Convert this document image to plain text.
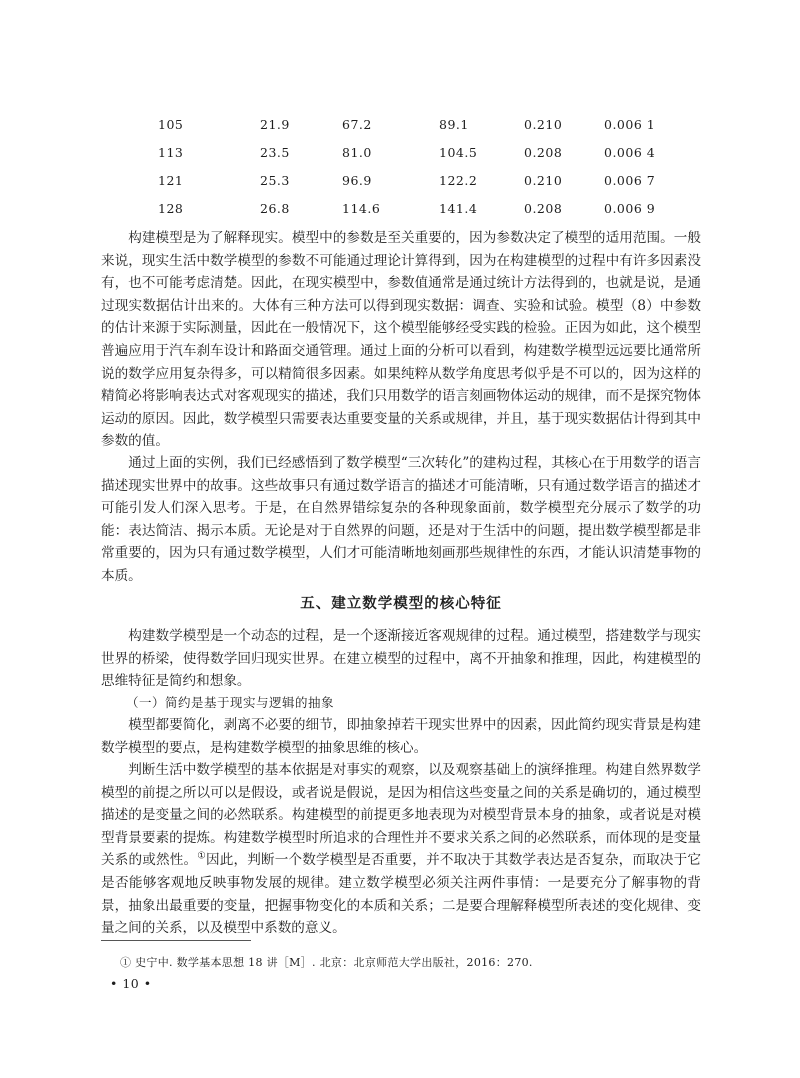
105	21.9	67.2	89.1	0.210	0.006 1
113	23.5	81.0	104.5	0.208	0.006 4
121	25.3	96.9	122.2	0.210	0.006 7
128	26.8	114.6	141.4	0.208	0.006 9

构建模型是为了解释现实。模型中的参数是至关重要的，因为参数决定了模型的适用范围。一般来说，现实生活中数学模型的参数不可能通过理论计算得到，因为在构建模型的过程中有许多因素没有，也不可能考虑清楚。因此，在现实模型中，参数值通常是通过统计方法得到的，也就是说，是通过现实数据估计出来的。大体有三种方法可以得到现实数据：调查、实验和试验。模型（8）中参数的估计来源于实际测量，因此在一般情况下，这个模型能够经受实践的检验。正因为如此，这个模型普遍应用于汽车刹车设计和路面交通管理。通过上面的分析可以看到，构建数学模型远远要比通常所说的数学应用复杂得多，可以精简很多因素。如果纯粹从数学角度思考似乎是不可以的，因为这样的精简必将影响表达式对客观现实的描述，我们只用数学的语言刻画物体运动的规律，而不是探究物体运动的原因。因此，数学模型只需要表达重要变量的关系或规律，并且，基于现实数据估计得到其中参数的值。

通过上面的实例，我们已经感悟到了数学模型“三次转化”的建构过程，其核心在于用数学的语言描述现实世界中的故事。这些故事只有通过数学语言的描述才可能清晰，只有通过数学语言的描述才可能引发人们深入思考。于是，在自然界错综复杂的各种现象面前，数学模型充分展示了数学的功能：表达简洁、揭示本质。无论是对于自然界的问题，还是对于生活中的问题，提出数学模型都是非常重要的，因为只有通过数学模型，人们才可能清晰地刻画那些规律性的东西，才能认识清楚事物的本质。

五、建立数学模型的核心特征

构建数学模型是一个动态的过程，是一个逐渐接近客观规律的过程。通过模型，搭建数学与现实世界的桥梁，使得数学回归现实世界。在建立模型的过程中，离不开抽象和推理，因此，构建模型的思维特征是简约和想象。

（一）简约是基于现实与逻辑的抽象

模型都要简化，剥离不必要的细节，即抽象掉若干现实世界中的因素，因此简约现实背景是构建数学模型的要点，是构建数学模型的抽象思维的核心。

判断生活中数学模型的基本依据是对事实的观察，以及观察基础上的演绎推理。构建自然界数学模型的前提之所以可以是假设，或者说是假说，是因为相信这些变量之间的关系是确切的，通过模型描述的是变量之间的必然联系。构建模型的前提更多地表现为对模型背景本身的抽象，或者说是对模型背景要素的提炼。构建数学模型时所追求的合理性并不要求关系之间的必然联系，而体现的是变量关系的或然性。①因此，判断一个数学模型是否重要，并不取决于其数学表达是否复杂，而取决于它是否能够客观地反映事物发展的规律。建立数学模型必须关注两件事情：一是要充分了解事物的背景，抽象出最重要的变量，把握事物变化的本质和关系；二是要合理解释模型所表述的变化规律、变量之间的关系，以及模型中系数的意义。

① 史宁中. 数学基本思想 18 讲［M］. 北京：北京师范大学出版社，2016：270.
• 10 •
